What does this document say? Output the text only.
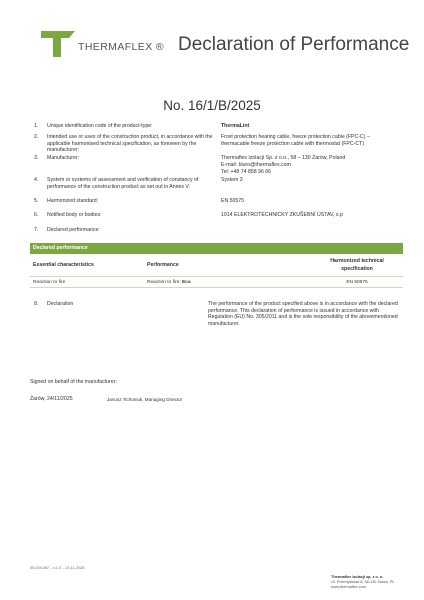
THERMAFLEX ® Declaration of Performance
No. 16/1/B/2025
1.	Unique identification code of the product-type:	ThermaLint
2.	Intended use or uses of the construction product, in accordance with the applicable harmonised technical specification, as foreseen by the manufacturer:
Frost protection heating cable, freeze protection cable (FPC-C) – thermacable freeze protection cable with thermostat (FPC-CT)
3.	Manufacturer:	Thermaflex Izolacji Sp. z o.o., 58 – 130 Żarów, Poland
E-mail: biuro@thermaflex.com
Tel: +48 74 858 96 66
4.	System or systems of assessment and verification of constancy of performance of the construction product as set out in Annex V:
System 3
5.	Harmonized standard:	EN 50575
6.	Notified body or bodies:	1014 ELEKTROTECHNICKÝ ZKUŠEBNÍ ÚSTAV, s.p
7.	Declared performance:
Declared performance
Essential characteristics	Performance
Harmonized technical
specification
Reaction to fire	Reaction to fire: Eca	EN 50575
8.	Declaration	The performance of the product specified above is in accordance with the declared performance. This declaration of performance is issued in accordance with Regulation (EU) No. 305/2011 and is the sole responsibility of the abovementioned manufacturer.
Signed on behalf of the manufacturer:
Żarów, 24/11/2025	Janusz Tichoniuk, Managing Director
00.025.087 – v.1.0 – 24.11.2025
Thermaflex Izolacji sp. z o. o.
Ul. Przemysłowa 8, 58-130 Żarów, PL
www.thermaflex.com
